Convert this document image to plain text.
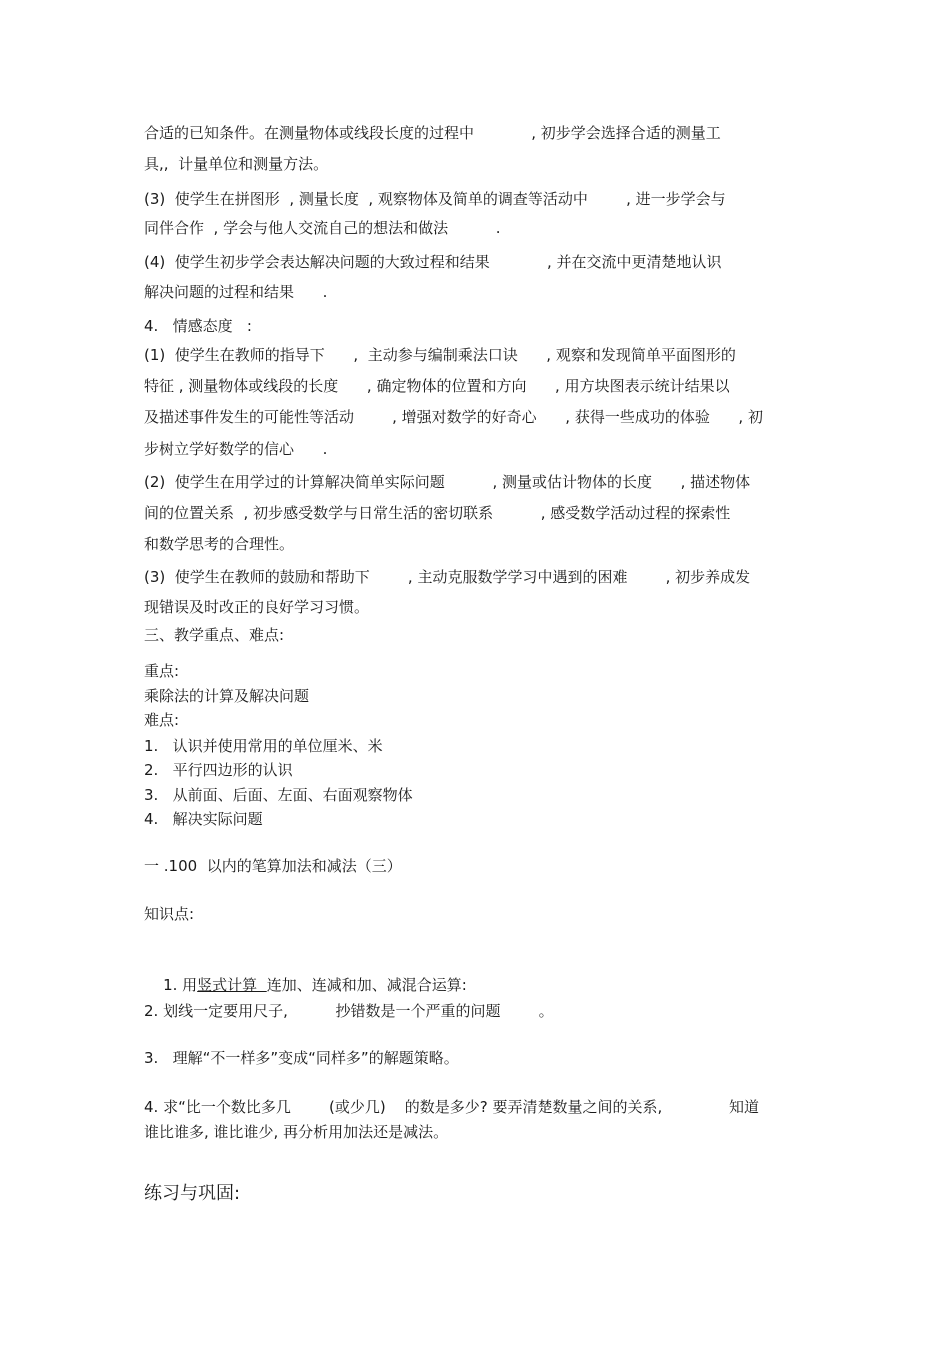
合适的已知条件。在测量物体或线段长度的过程中            , 初步学会选择合适的测量工
具,,  计量单位和测量方法。
(3)  使学生在拼图形  , 测量长度  , 观察物体及简单的调查等活动中        , 进一步学会与
同伴合作  , 学会与他人交流自己的想法和做法          .
(4)  使学生初步学会表达解决问题的大致过程和结果            , 并在交流中更清楚地认识
解决问题的过程和结果      .
4.   情感态度   :
(1)  使学生在教师的指导下      ,  主动参与编制乘法口诀      , 观察和发现简单平面图形的
特征 , 测量物体或线段的长度      , 确定物体的位置和方向      , 用方块图表示统计结果以
及描述事件发生的可能性等活动        , 增强对数学的好奇心      , 获得一些成功的体验      , 初
步树立学好数学的信心      .
(2)  使学生在用学过的计算解决简单实际问题          , 测量或估计物体的长度      , 描述物体
间的位置关系  , 初步感受数学与日常生活的密切联系          , 感受数学活动过程的探索性
和数学思考的合理性。
(3)  使学生在教师的鼓励和帮助下        , 主动克服数学学习中遇到的困难        , 初步养成发
现错误及时改正的良好学习习惯。
三、教学重点、难点:
重点:
乘除法的计算及解决问题
难点:
1.   认识并使用常用的单位厘米、米
2.   平行四边形的认识
3.   从前面、后面、左面、右面观察物体
4.   解决实际问题
一 .100  以内的笔算加法和减法（三）
知识点:

1. 用竖式计算  连加、连减和加、减混合运算:

2. 划线一定要用尺子,          抄错数是一个严重的问题        。
3.   理解“不一样多”变成“同样多”的解题策略。
4. 求“比一个数比多几        (或少几)    的数是多少? 要弄清楚数量之间的关系,              知道
谁比谁多, 谁比谁少, 再分析用加法还是减法。
练习与巩固:
